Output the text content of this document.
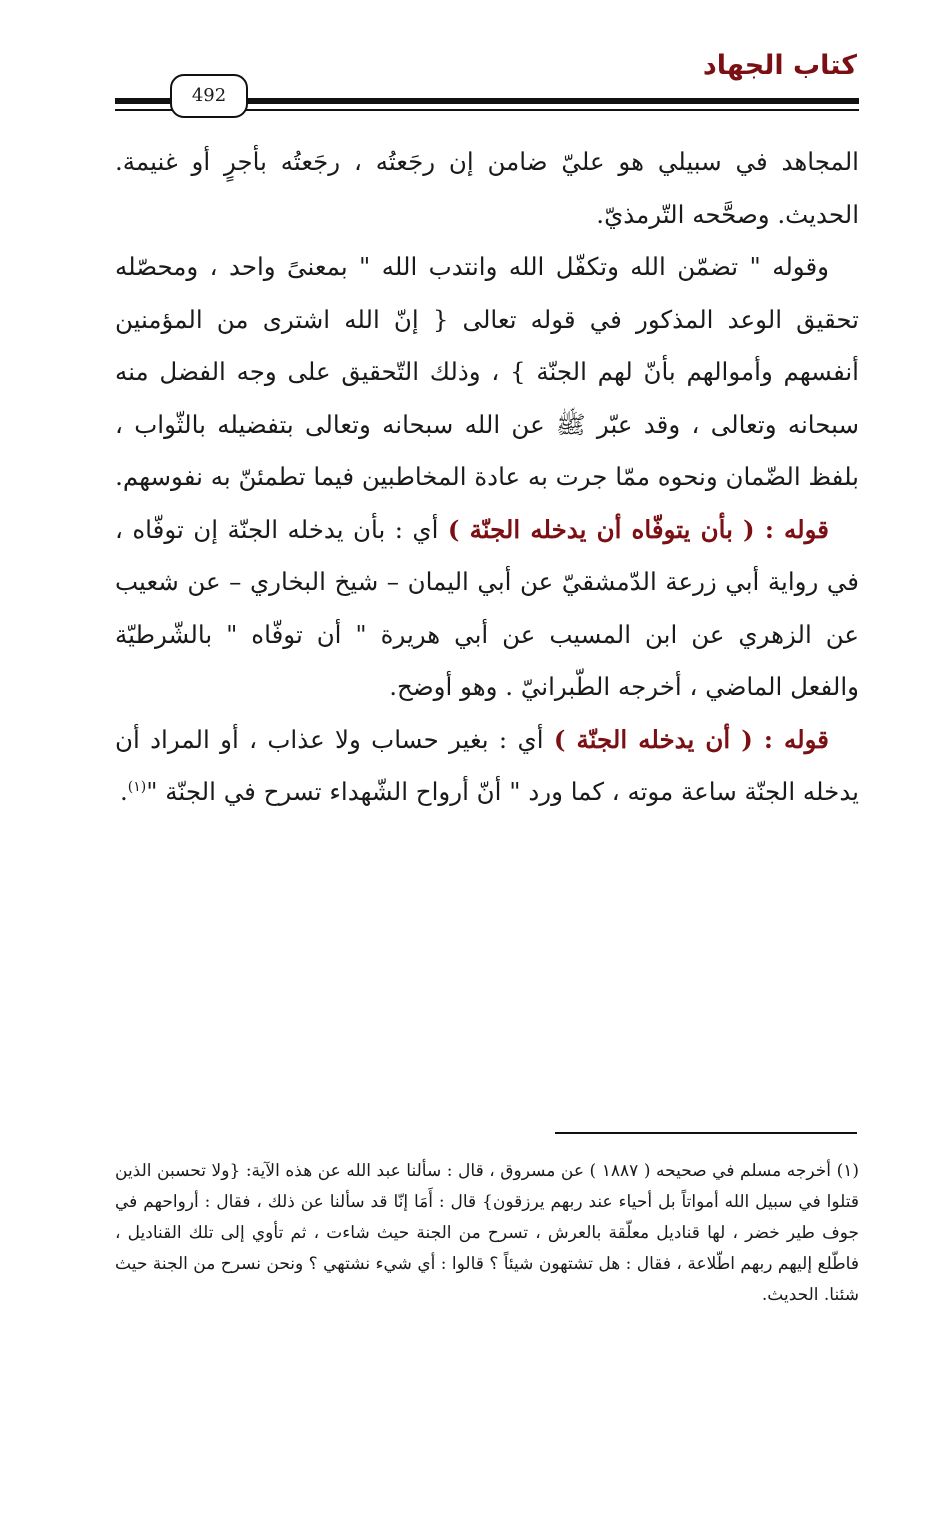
كتاب الجهاد
492

المجاهد في سبيلي هو عليّ ضامن إن رجَعتُه ، رجَعتُه بأجرٍ أو غنيمة. الحديث. وصحَّحه التّرمذيّ.

وقوله " تضمّن الله وتكفّل الله وانتدب الله " بمعنىً واحد ، ومحصّله تحقيق الوعد المذكور في قوله تعالى { إنّ الله اشترى من المؤمنين أنفسهم وأموالهم بأنّ لهم الجنّة } ، وذلك التّحقيق على وجه الفضل منه سبحانه وتعالى ، وقد عبّر ﷺ عن الله سبحانه وتعالى بتفضيله بالثّواب ، بلفظ الضّمان ونحوه ممّا جرت به عادة المخاطبين فيما تطمئنّ به نفوسهم.

قوله : ( بأن يتوفّاه أن يدخله الجنّة ) أي : بأن يدخله الجنّة إن توفّاه ، في رواية أبي زرعة الدّمشقيّ عن أبي اليمان – شيخ البخاري – عن شعيب عن الزهري عن ابن المسيب عن أبي هريرة " أن توفّاه " بالشّرطيّة والفعل الماضي ، أخرجه الطّبرانيّ . وهو أوضح.

قوله : ( أن يدخله الجنّة ) أي : بغير حساب ولا عذاب ، أو المراد أن يدخله الجنّة ساعة موته ، كما ورد " أنّ أرواح الشّهداء تسرح في الجنّة "$^{(١)}$.

(١) أخرجه مسلم في صحيحه ( ١٨٨٧ ) عن مسروق ، قال : سألنا عبد الله عن هذه الآية: {ولا تحسبن الذين قتلوا في سبيل الله أمواتاً بل أحياء عند ربهم يرزقون} قال : أَمَا إنّا قد سألنا عن ذلك ، فقال : أرواحهم في جوف طير خضر ، لها قناديل معلّقة بالعرش ، تسرح من الجنة حيث شاءت ، ثم تأوي إلى تلك القناديل ، فاطّلع إليهم ربهم اطّلاعة ، فقال : هل تشتهون شيئاً ؟ قالوا : أي شيء نشتهي ؟ ونحن نسرح من الجنة حيث شئنا. الحديث.
